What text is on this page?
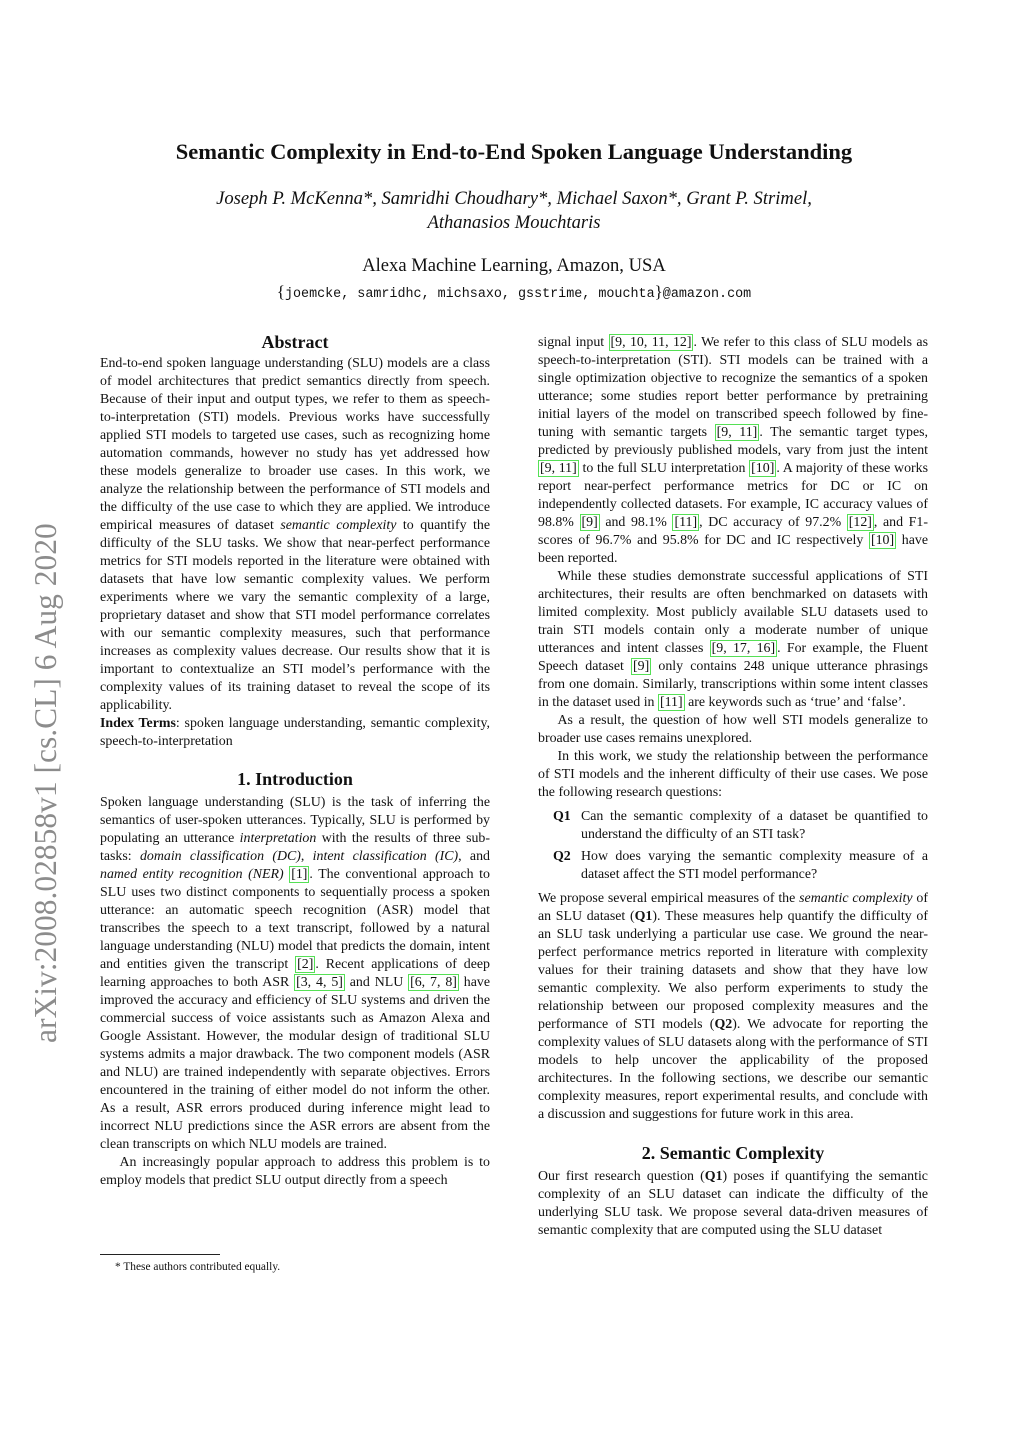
arXiv:2008.02858v1 [cs.CL] 6 Aug 2020
Semantic Complexity in End-to-End Spoken Language Understanding
Joseph P. McKenna*, Samridhi Choudhary*, Michael Saxon*, Grant P. Strimel,
Athanasios Mouchtaris
Alexa Machine Learning, Amazon, USA
{joemcke, samridhc, michsaxo, gsstrime, mouchta}@amazon.com
Abstract

End-to-end spoken language understanding (SLU) models are a class of model architectures that predict semantics directly from speech. Because of their input and output types, we refer to them as speech-to-interpretation (STI) models. Previous works have successfully applied STI models to targeted use cases, such as recognizing home automation commands, however no study has yet addressed how these models generalize to broader use cases. In this work, we analyze the relationship between the performance of STI models and the difficulty of the use case to which they are applied. We introduce empirical measures of dataset semantic complexity to quantify the difficulty of the SLU tasks. We show that near-perfect performance metrics for STI models reported in the literature were obtained with datasets that have low semantic complexity values. We perform experiments where we vary the semantic complexity of a large, proprietary dataset and show that STI model performance correlates with our semantic complexity measures, such that performance increases as complexity values decrease. Our results show that it is important to contextualize an STI model’s performance with the complexity values of its training dataset to reveal the scope of its applicability.

Index Terms: spoken language understanding, semantic complexity, speech-to-interpretation

1. Introduction

Spoken language understanding (SLU) is the task of inferring the semantics of user-spoken utterances. Typically, SLU is performed by populating an utterance interpretation with the results of three sub-tasks: domain classification (DC), intent classification (IC), and named entity recognition (NER) [1] . The conventional approach to SLU uses two distinct components to sequentially process a spoken utterance: an automatic speech recognition (ASR) model that transcribes the speech to a text transcript, followed by a natural language understanding (NLU) model that predicts the domain, intent and entities given the transcript [2] . Recent applications of deep learning approaches to both ASR [3, 4, 5] and NLU [6, 7, 8] have improved the accuracy and efficiency of SLU systems and driven the commercial success of voice assistants such as Amazon Alexa and Google Assistant. However, the modular design of traditional SLU systems admits a major drawback. The two component models (ASR and NLU) are trained independently with separate objectives. Errors encountered in the training of either model do not inform the other. As a result, ASR errors produced during inference might lead to incorrect NLU predictions since the ASR errors are absent from the clean transcripts on which NLU models are trained.

An increasingly popular approach to address this problem is to employ models that predict SLU output directly from a speech

* These authors contributed equally.

signal input [9, 10, 11, 12] . We refer to this class of SLU models as speech-to-interpretation (STI). STI models can be trained with a single optimization objective to recognize the semantics of a spoken utterance; some studies report better performance by pretraining initial layers of the model on transcribed speech followed by fine-tuning with semantic targets [9, 11] . The semantic target types, predicted by previously published models, vary from just the intent [9, 11] to the full SLU interpretation [10] . A majority of these works report near-perfect performance metrics for DC or IC on independently collected datasets. For example, IC accuracy values of 98.8% [9] and 98.1% [11] , DC accuracy of 97.2% [12] , and F1-scores of 96.7% and 95.8% for DC and IC respectively [10] have been reported.

While these studies demonstrate successful applications of STI architectures, their results are often benchmarked on datasets with limited complexity. Most publicly available SLU datasets used to train STI models contain only a moderate number of unique utterances and intent classes [9, 17, 16] . For example, the Fluent Speech dataset [9] only contains 248 unique utterance phrasings from one domain. Similarly, transcriptions within some intent classes in the dataset used in [11] are keywords such as ‘true’ and ‘false’.

As a result, the question of how well STI models generalize to broader use cases remains unexplored.

In this work, we study the relationship between the performance of STI models and the inherent difficulty of their use cases. We pose the following research questions:

Q1 Can the semantic complexity of a dataset be quantified to understand the difficulty of an STI task?

Q2 How does varying the semantic complexity measure of a dataset affect the STI model performance?

We propose several empirical measures of the semantic complexity of an SLU dataset (Q1). These measures help quantify the difficulty of an SLU task underlying a particular use case. We ground the near-perfect performance metrics reported in literature with complexity values for their training datasets and show that they have low semantic complexity. We also perform experiments to study the relationship between our proposed complexity measures and the performance of STI models (Q2). We advocate for reporting the complexity values of SLU datasets along with the performance of STI models to help uncover the applicability of the proposed architectures. In the following sections, we describe our semantic complexity measures, report experimental results, and conclude with a discussion and suggestions for future work in this area.

2. Semantic Complexity

Our first research question (Q1) poses if quantifying the semantic complexity of an SLU dataset can indicate the difficulty of the underlying SLU task. We propose several data-driven measures of semantic complexity that are computed using the SLU dataset
